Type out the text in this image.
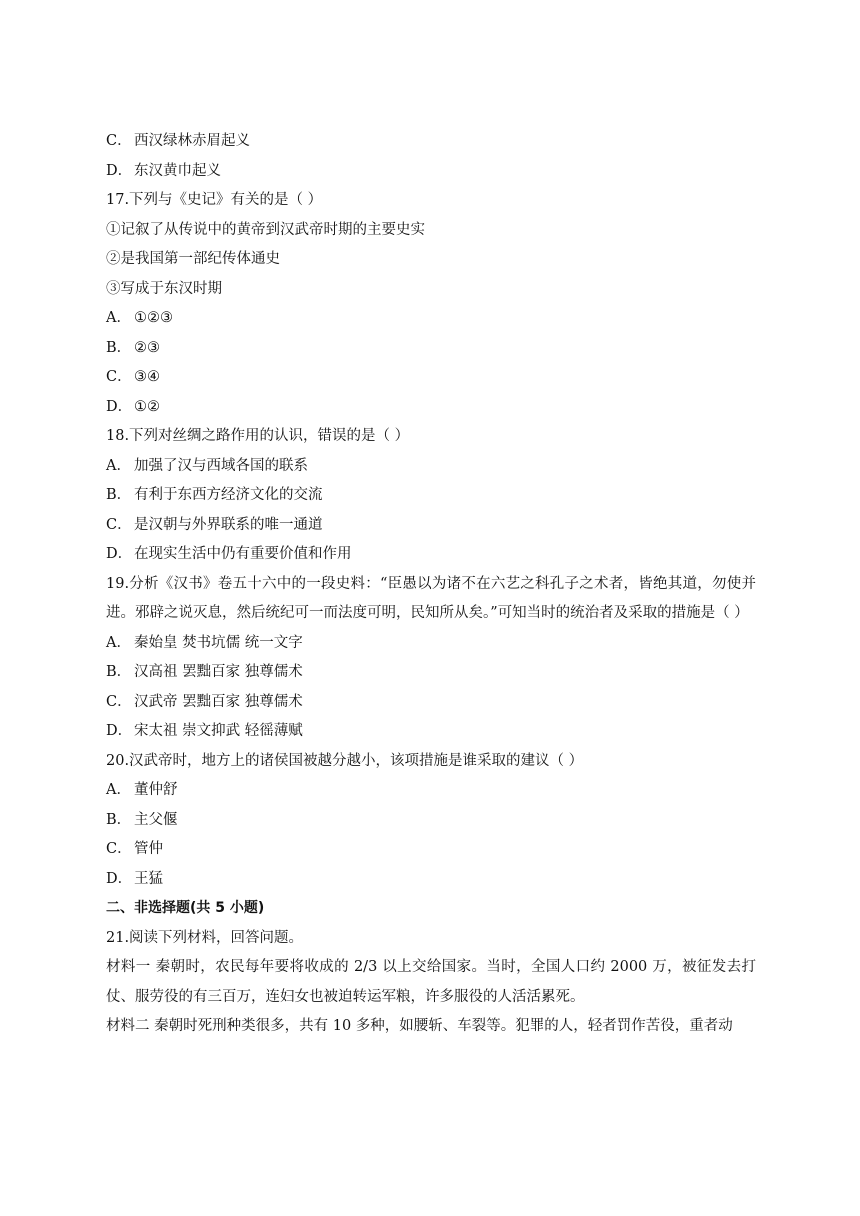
C． 西汉绿林赤眉起义
D． 东汉黄巾起义
17.下列与《史记》有关的是（ ）
①记叙了从传说中的黄帝到汉武帝时期的主要史实
②是我国第一部纪传体通史
③写成于东汉时期
A． ①②③
B． ②③
C． ③④
D． ①②
18.下列对丝绸之路作用的认识，错误的是（ ）
A． 加强了汉与西域各国的联系
B． 有利于东西方经济文化的交流
C． 是汉朝与外界联系的唯一通道
D． 在现实生活中仍有重要价值和作用
19.分析《汉书》卷五十六中的一段史料：“臣愚以为诸不在六艺之科孔子之术者，皆绝其道，勿使并进。邪辟之说灭息，然后统纪可一而法度可明，民知所从矣。”可知当时的统治者及采取的措施是（ ）
A． 秦始皇 焚书坑儒 统一文字
B． 汉高祖 罢黜百家 独尊儒术
C． 汉武帝 罢黜百家 独尊儒术
D． 宋太祖 崇文抑武 轻徭薄赋
20.汉武帝时，地方上的诸侯国被越分越小，该项措施是谁采取的建议（ ）
A． 董仲舒
B． 主父偃
C． 管仲
D． 王猛
二、非选择题(共 5 小题)
21.阅读下列材料，回答问题。
材料一 秦朝时，农民每年要将收成的 2/3 以上交给国家。当时，全国人口约 2000 万，被征发去打仗、服劳役的有三百万，连妇女也被迫转运军粮，许多服役的人活活累死。
材料二 秦朝时死刑种类很多，共有 10 多种，如腰斩、车裂等。犯罪的人，轻者罚作苦役，重者动
